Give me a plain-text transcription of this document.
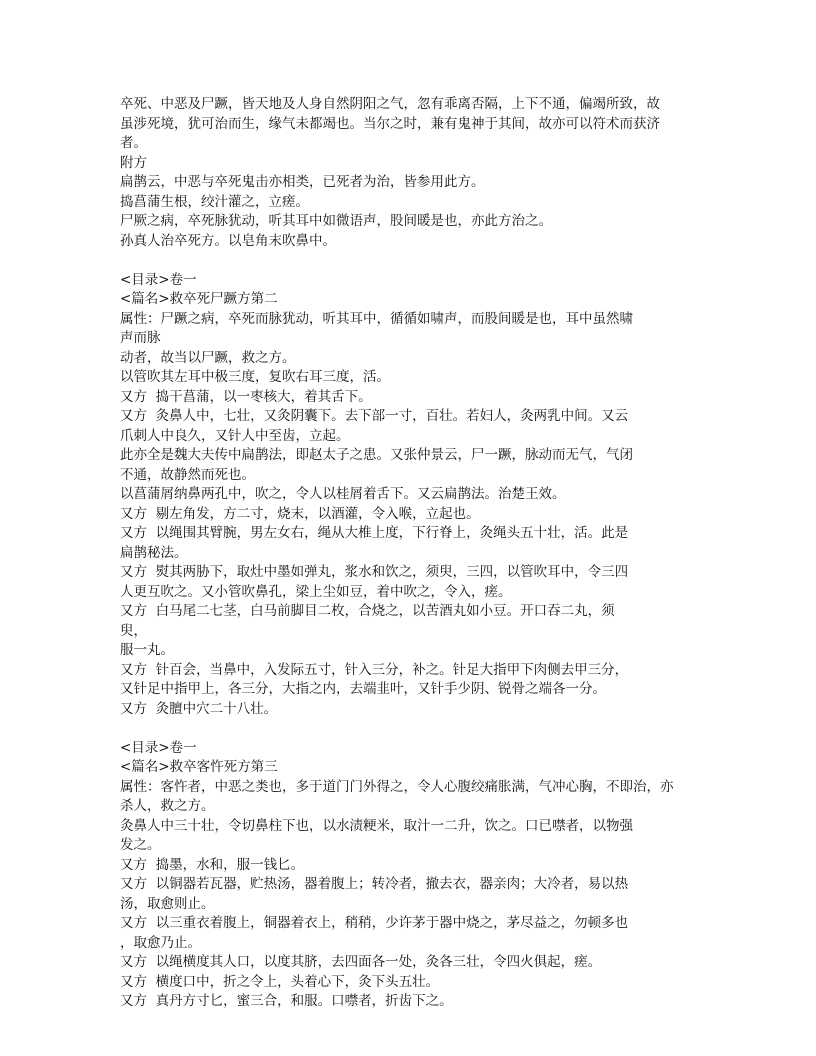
卒死、中恶及尸蹶，皆天地及人身自然阴阳之气，忽有乖离否隔，上下不通，偏竭所致，故

虽涉死境，犹可治而生，缘气未都竭也。当尔之时，兼有鬼神于其间，故亦可以符术而获济

者。

附方

扁鹊云，中恶与卒死鬼击亦相类，已死者为治，皆参用此方。

捣菖蒲生根，绞汁灌之，立瘥。

尸厥之病，卒死脉犹动，听其耳中如微语声，股间暖是也，亦此方治之。

孙真人治卒死方。以皂角末吹鼻中。

<目录>卷一

<篇名>救卒死尸蹶方第二

属性：尸蹶之病，卒死而脉犹动，听其耳中，循循如啸声，而股间暖是也，耳中虽然啸

声而脉

动者，故当以尸蹶，救之方。

以管吹其左耳中极三度，复吹右耳三度，活。

又方  捣干菖蒲，以一枣核大，着其舌下。

又方  灸鼻人中，七壮，又灸阴囊下。去下部一寸，百壮。若妇人，灸两乳中间。又云

爪刺人中良久，又针人中至齿，立起。

此亦全是魏大夫传中扁鹊法，即赵太子之患。又张仲景云，尸一蹶，脉动而无气，气闭

不通，故静然而死也。

以菖蒲屑纳鼻两孔中，吹之，令人以桂屑着舌下。又云扁鹊法。治楚王效。

又方  剔左角发，方二寸，烧末，以酒灌，令入喉，立起也。

又方  以绳围其臂腕，男左女右，绳从大椎上度，下行脊上，灸绳头五十壮，活。此是

扁鹊秘法。

又方  熨其两胁下，取灶中墨如弹丸，浆水和饮之，须臾，三四，以管吹耳中，令三四

人更互吹之。又小管吹鼻孔，梁上尘如豆，着中吹之，令入，瘥。

又方  白马尾二七茎，白马前脚目二枚，合烧之，以苦酒丸如小豆。开口吞二丸，须

臾，

服一丸。

又方  针百会，当鼻中，入发际五寸，针入三分，补之。针足大指甲下肉侧去甲三分，

又针足中指甲上，各三分，大指之内，去端韭叶，又针手少阴、锐骨之端各一分。

又方  灸膻中穴二十八壮。

<目录>卷一

<篇名>救卒客忤死方第三

属性：客忤者，中恶之类也，多于道门门外得之，令人心腹绞痛胀满，气冲心胸，不即治，亦

杀人，救之方。

灸鼻人中三十壮，令切鼻柱下也，以水渍粳米，取汁一二升，饮之。口已噤者，以物强

发之。

又方  捣墨，水和，服一钱匕。

又方  以铜器若瓦器，贮热汤，器着腹上；转冷者，撤去衣，器亲肉；大冷者，易以热

汤，取愈则止。

又方  以三重衣着腹上，铜器着衣上，稍稍，少许茅于器中烧之，茅尽益之，勿顿多也

，取愈乃止。

又方  以绳横度其人口，以度其脐，去四面各一处，灸各三壮，令四火俱起，瘥。

又方  横度口中，折之令上，头着心下，灸下头五壮。

又方  真丹方寸匕，蜜三合，和服。口噤者，折齿下之。
